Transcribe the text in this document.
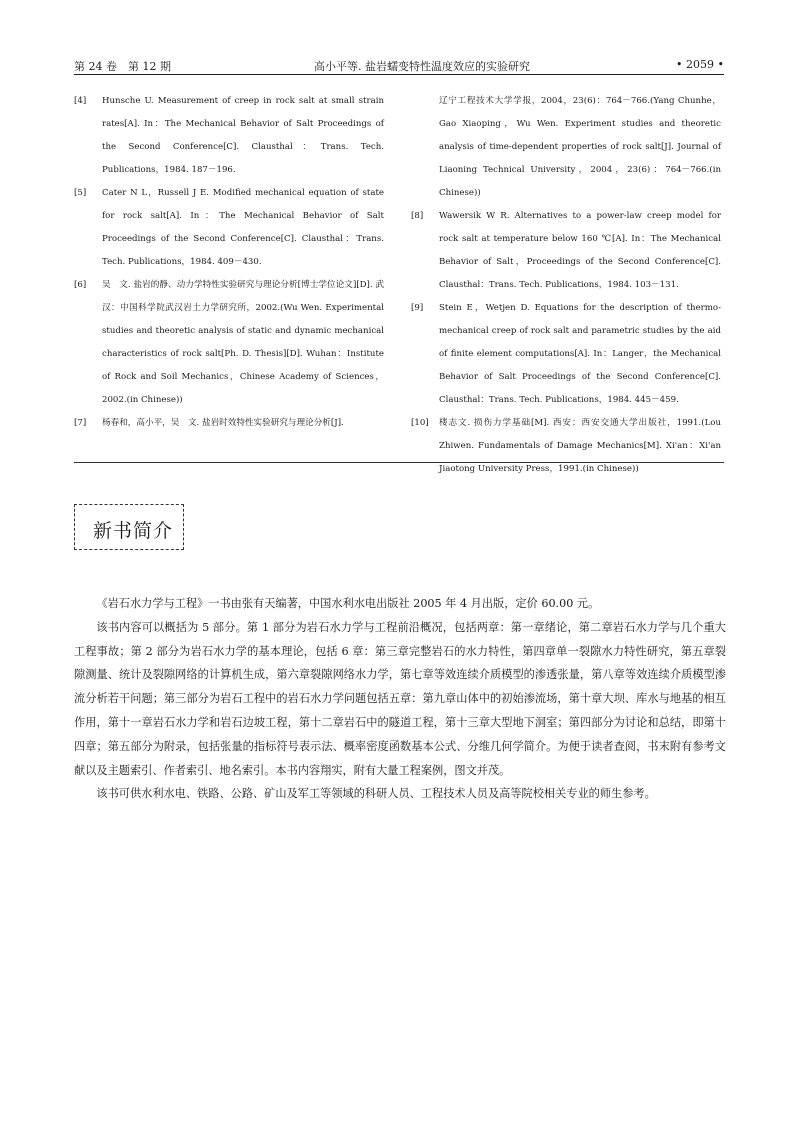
第 24 卷　第 12 期	高小平等. 盐岩蠕变特性温度效应的实验研究	• 2059 •
[4] Hunsche U. Measurement of creep in rock salt at small strain rates[A]. In：The Mechanical Behavior of Salt Proceedings of the Second Conference[C]. Clausthal：Trans. Tech. Publications，1984. 187－196.
[5] Cater N L，Russell J E. Modified mechanical equation of state for rock salt[A]. In：The Mechanical Behavior of Salt Proceedings of the Second Conference[C]. Clausthal：Trans. Tech. Publications，1984. 409－430.
[6] 吴　文. 盐岩的静、动力学特性实验研究与理论分析[博士学位论文][D]. 武汉：中国科学院武汉岩土力学研究所，2002.(Wu Wen. Experimental studies and theoretic analysis of static and dynamic mechanical characteristics of rock salt[Ph. D. Thesis][D]. Wuhan：Institute of Rock and Soil Mechanics，Chinese Academy of Sciences，2002.(in Chinese))
[7] 杨春和，高小平，吴　文. 盐岩时效特性实验研究与理论分析[J].
辽宁工程技术大学学报，2004，23(6)：764－766.(Yang Chunhe，Gao Xiaoping，Wu Wen. Experiment studies and theoretic analysis of time-dependent properties of rock salt[J]. Journal of Liaoning Technical University，2004，23(6)：764－766.(in Chinese))
[8] Wawersik W R. Alternatives to a power-law creep model for rock salt at temperature below 160 ℃[A]. In：The Mechanical Behavior of Salt，Proceedings of the Second Conference[C]. Clausthal：Trans. Tech. Publications，1984. 103－131.
[9] Stein E，Wetjen D. Equations for the description of thermo-mechanical creep of rock salt and parametric studies by the aid of finite element computations[A]. In：Langer，the Mechanical Behavior of Salt Proceedings of the Second Conference[C]. Clausthal：Trans. Tech. Publications，1984. 445－459.
[10] 楼志文. 损伤力学基础[M]. 西安：西安交通大学出版社，1991.(Lou Zhiwen. Fundamentals of Damage Mechanics[M]. Xi'an：Xi'an Jiaotong University Press，1991.(in Chinese))
新书简介

《岩石水力学与工程》一书由张有天编著，中国水利水电出版社 2005 年 4 月出版，定价 60.00 元。

该书内容可以概括为 5 部分。第 1 部分为岩石水力学与工程前沿概况，包括两章：第一章绪论，第二章岩石水力学与几个重大工程事故；第 2 部分为岩石水力学的基本理论，包括 6 章：第三章完整岩石的水力特性，第四章单一裂隙水力特性研究，第五章裂隙测量、统计及裂隙网络的计算机生成，第六章裂隙网络水力学，第七章等效连续介质模型的渗透张量，第八章等效连续介质模型渗流分析若干问题；第三部分为岩石工程中的岩石水力学问题包括五章：第九章山体中的初始渗流场，第十章大坝、库水与地基的相互作用，第十一章岩石水力学和岩石边坡工程，第十二章岩石中的隧道工程，第十三章大型地下洞室；第四部分为讨论和总结，即第十四章；第五部分为附录，包括张量的指标符号表示法、概率密度函数基本公式、分维几何学简介。为便于读者查阅，书末附有参考文献以及主题索引、作者索引、地名索引。本书内容翔实，附有大量工程案例，图文并茂。

该书可供水利水电、铁路、公路、矿山及军工等领域的科研人员、工程技术人员及高等院校相关专业的师生参考。
